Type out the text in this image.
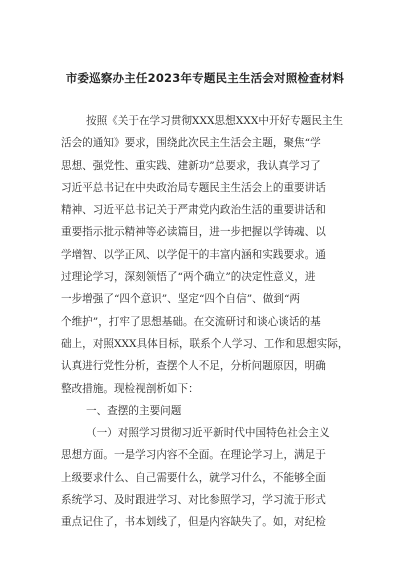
市委巡察办主任2023年专题民主生活会对照检查材料
按照《关于在学习贯彻XXX思想XXX中开好专题民主生
活会的通知》要求，围绕此次民主生活会主题，聚焦“学
思想、强党性、重实践、建新功”总要求，我认真学习了
习近平总书记在中央政治局专题民主生活会上的重要讲话
精神、习近平总书记关于严肃党内政治生活的重要讲话和
重要指示批示精神等必读篇目，进一步把握以学铸魂、以
学增智、以学正风、以学促干的丰富内涵和实践要求。通
过理论学习，深刻领悟了“两个确立”的决定性意义，进
一步增强了“四个意识”、坚定“四个自信”、做到“两
个维护”，打牢了思想基础。在交流研讨和谈心谈话的基
础上，对照XXX具体目标，联系个人学习、工作和思想实际，
认真进行党性分析，查摆个人不足，分析问题原因，明确
整改措施。现检视剖析如下：
一、查摆的主要问题
（一）对照学习贯彻习近平新时代中国特色社会主义
思想方面。一是学习内容不全面。在理论学习上，满足于
上级要求什么、自己需要什么，就学习什么，不能够全面
系统学习、及时跟进学习、对比参照学习，学习流于形式
重点记住了，书本划线了，但是内容缺失了。如，对纪检
